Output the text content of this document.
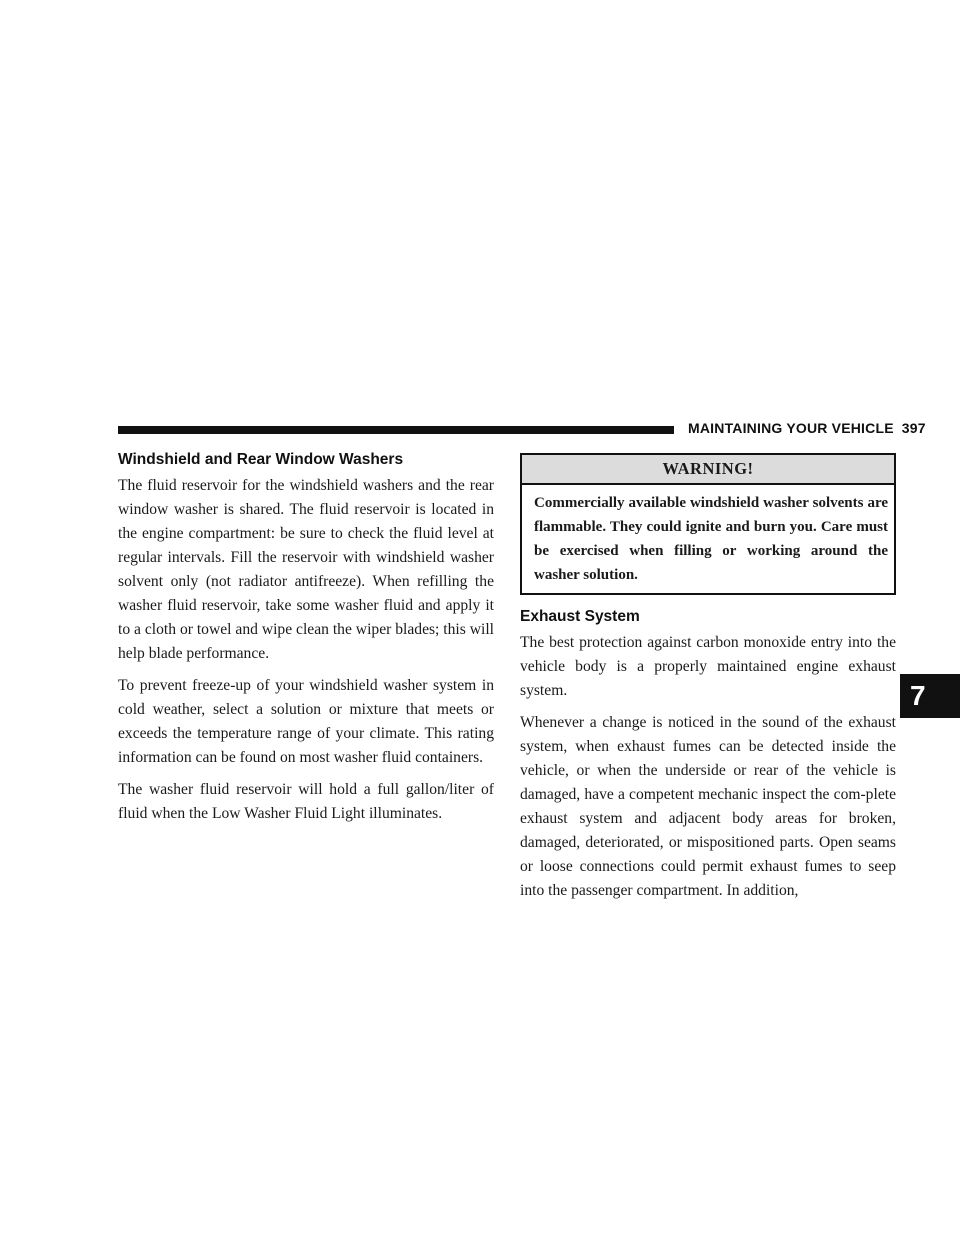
MAINTAINING YOUR VEHICLE 397
Windshield and Rear Window Washers

The fluid reservoir for the windshield washers and the rear window washer is shared. The fluid reservoir is located in the engine compartment: be sure to check the fluid level at regular intervals. Fill the reservoir with windshield washer solvent only (not radiator antifreeze). When refilling the washer fluid reservoir, take some washer fluid and apply it to a cloth or towel and wipe clean the wiper blades; this will help blade performance.

To prevent freeze-up of your windshield washer system in cold weather, select a solution or mixture that meets or exceeds the temperature range of your climate. This rating information can be found on most washer fluid containers.

The washer fluid reservoir will hold a full gallon/liter of fluid when the Low Washer Fluid Light illuminates.

WARNING!
Commercially available windshield washer solvents are flammable. They could ignite and burn you. Care must be exercised when filling or working around the washer solution.
Exhaust System

The best protection against carbon monoxide entry into the vehicle body is a properly maintained engine exhaust system.

Whenever a change is noticed in the sound of the exhaust system, when exhaust fumes can be detected inside the vehicle, or when the underside or rear of the vehicle is damaged, have a competent mechanic inspect the com-plete exhaust system and adjacent body areas for broken, damaged, deteriorated, or mispositioned parts. Open seams or loose connections could permit exhaust fumes to seep into the passenger compartment. In addition,

7
